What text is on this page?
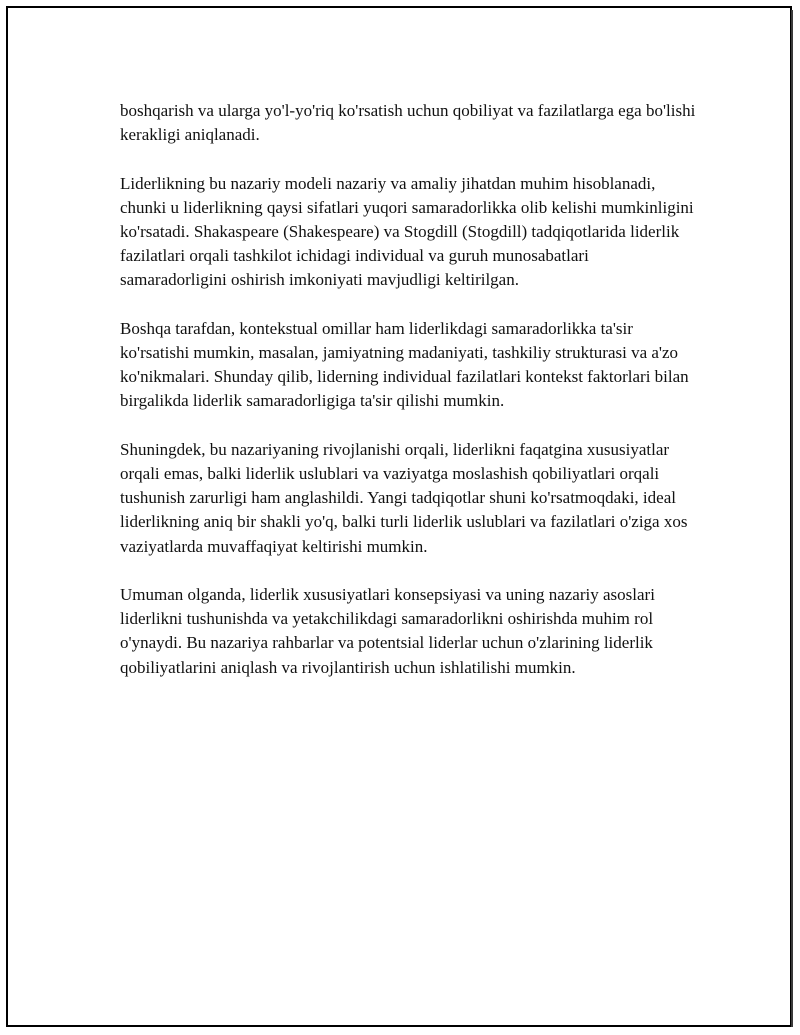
boshqarish va ularga yo'l-yo'riq ko'rsatish uchun qobiliyat va fazilatlarga ega bo'lishi kerakligi aniqlanadi.

Liderlikning bu nazariy modeli nazariy va amaliy jihatdan muhim hisoblanadi, chunki u liderlikning qaysi sifatlari yuqori samaradorlikka olib kelishi mumkinligini ko'rsatadi. Shakaspeare (Shakespeare) va Stogdill (Stogdill) tadqiqotlarida liderlik fazilatlari orqali tashkilot ichidagi individual va guruh munosabatlari samaradorligini oshirish imkoniyati mavjudligi keltirilgan.

Boshqa tarafdan, kontekstual omillar ham liderlikdagi samaradorlikka ta'sir ko'rsatishi mumkin, masalan, jamiyatning madaniyati, tashkiliy strukturasi va a'zo ko'nikmalari. Shunday qilib, liderning individual fazilatlari kontekst faktorlari bilan birgalikda liderlik samaradorligiga ta'sir qilishi mumkin.

Shuningdek, bu nazariyaning rivojlanishi orqali, liderlikni faqatgina xususiyatlar orqali emas, balki liderlik uslublari va vaziyatga moslashish qobiliyatlari orqali tushunish zarurligi ham anglashildi. Yangi tadqiqotlar shuni ko'rsatmoqdaki, ideal liderlikning aniq bir shakli yo'q, balki turli liderlik uslublari va fazilatlari o'ziga xos vaziyatlarda muvaffaqiyat keltirishi mumkin.

Umuman olganda, liderlik xususiyatlari konsepsiyasi va uning nazariy asoslari liderlikni tushunishda va yetakchilikdagi samaradorlikni oshirishda muhim rol o'ynaydi. Bu nazariya rahbarlar va potentsial liderlar uchun o'zlarining liderlik qobiliyatlarini aniqlash va rivojlantirish uchun ishlatilishi mumkin.
